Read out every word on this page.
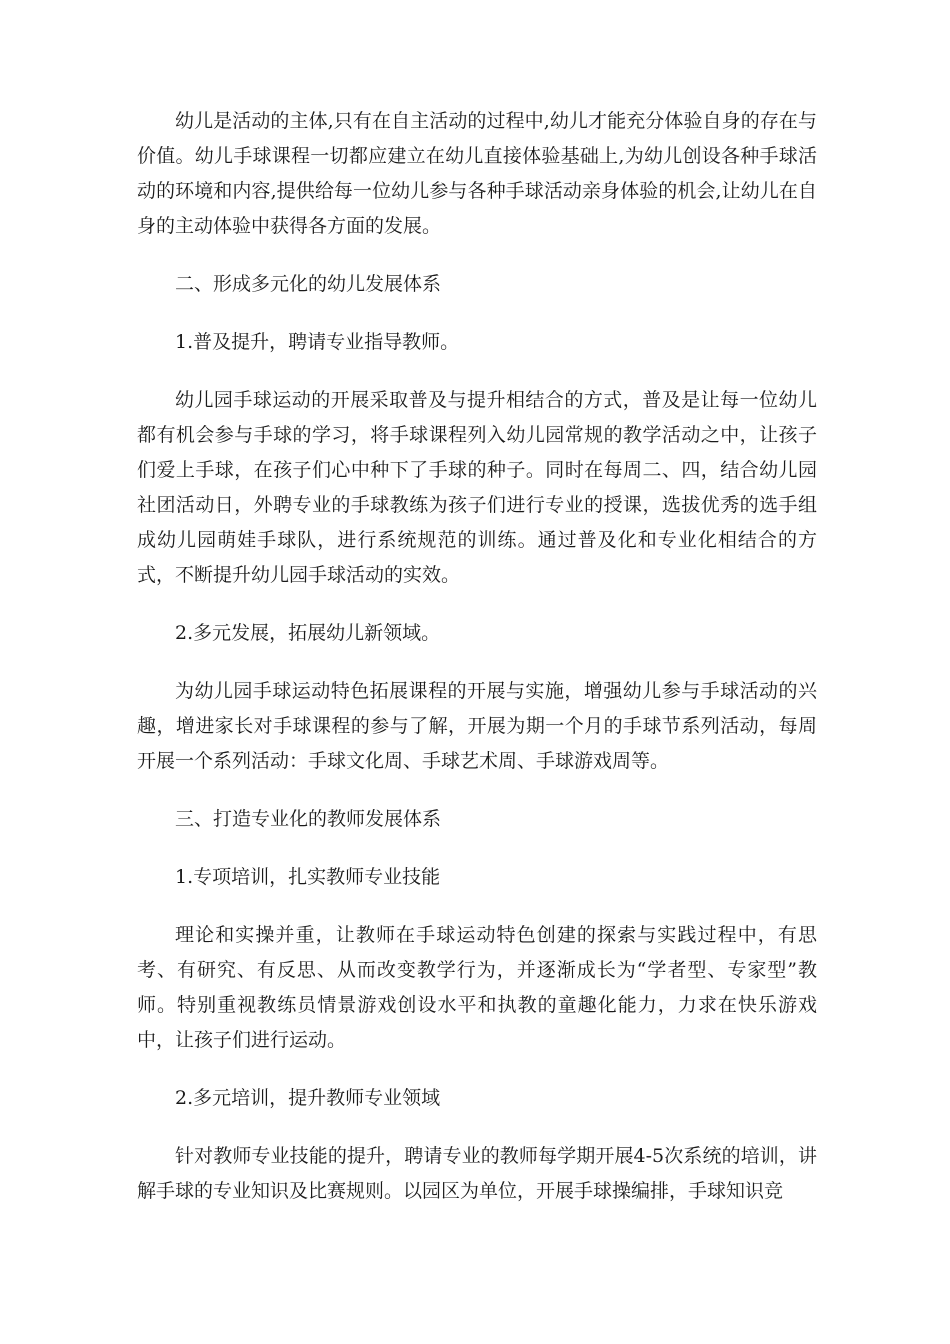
幼儿是活动的主体,只有在自主活动的过程中,幼儿才能充分体验自身的存在与价值。幼儿手球课程一切都应建立在幼儿直接体验基础上,为幼儿创设各种手球活动的环境和内容,提供给每一位幼儿参与各种手球活动亲身体验的机会,让幼儿在自身的主动体验中获得各方面的发展。

二、形成多元化的幼儿发展体系

1.普及提升，聘请专业指导教师。

幼儿园手球运动的开展采取普及与提升相结合的方式，普及是让每一位幼儿都有机会参与手球的学习，将手球课程列入幼儿园常规的教学活动之中，让孩子们爱上手球，在孩子们心中种下了手球的种子。同时在每周二、四，结合幼儿园社团活动日，外聘专业的手球教练为孩子们进行专业的授课，选拔优秀的选手组成幼儿园萌娃手球队，进行系统规范的训练。通过普及化和专业化相结合的方式，不断提升幼儿园手球活动的实效。

2.多元发展，拓展幼儿新领域。

为幼儿园手球运动特色拓展课程的开展与实施，增强幼儿参与手球活动的兴趣，增进家长对手球课程的参与了解，开展为期一个月的手球节系列活动，每周开展一个系列活动：手球文化周、手球艺术周、手球游戏周等。

三、打造专业化的教师发展体系

1.专项培训，扎实教师专业技能

理论和实操并重，让教师在手球运动特色创建的探索与实践过程中，有思考、有研究、有反思、从而改变教学行为，并逐渐成长为“学者型、专家型”教师。特别重视教练员情景游戏创设水平和执教的童趣化能力，力求在快乐游戏中，让孩子们进行运动。

2.多元培训，提升教师专业领域

针对教师专业技能的提升，聘请专业的教师每学期开展4-5次系统的培训，讲解手球的专业知识及比赛规则。以园区为单位，开展手球操编排，手球知识竞
